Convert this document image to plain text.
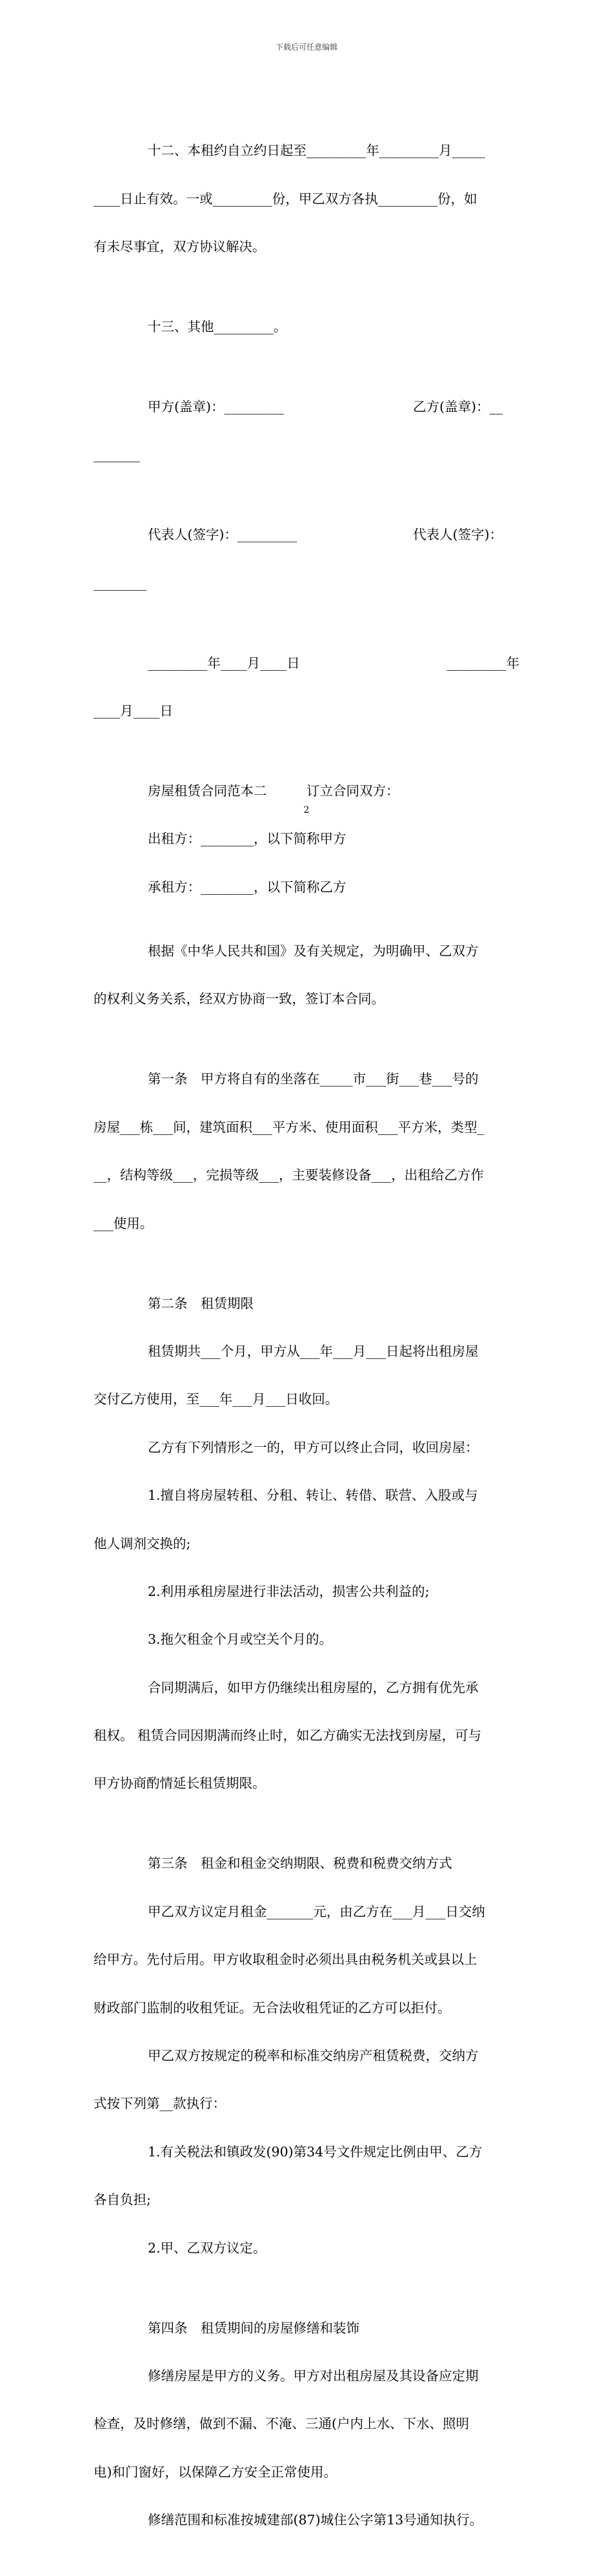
下载后可任意编辑

十二、本租约自立约日起至_________年_________月_____

____日止有效。一或_________份，甲乙双方各执_________份，如

有未尽事宜，双方协议解决。

十三、其他_________。

甲方(盖章)：_________	乙方(盖章)：__

_______

代表人(签字)：_________	代表人(签字)：

________

_________年____月____日	_________年

____月____日

房屋租赁合同范本二	订立合同双方：

出租方：________，以下简称甲方

承租方：________，以下简称乙方

根据《中华人民共和国》及有关规定，为明确甲、乙双方

的权利义务关系，经双方协商一致，签订本合同。

第一条　甲方将自有的坐落在_____市___街___巷___号的

房屋___栋___间，建筑面积___平方米、使用面积___平方米，类型_

__，结构等级___，完损等级___，主要装修设备___，出租给乙方作

___使用。

第二条　租赁期限

租赁期共___个月，甲方从___年___月___日起将出租房屋

交付乙方使用，至___年___月___日收回。

乙方有下列情形之一的，甲方可以终止合同，收回房屋：

1.擅自将房屋转租、分租、转让、转借、联营、入股或与

他人调剂交换的;

2.利用承租房屋进行非法活动，损害公共利益的;

3.拖欠租金个月或空关个月的。

合同期满后，如甲方仍继续出租房屋的，乙方拥有优先承

租权。 租赁合同因期满而终止时，如乙方确实无法找到房屋，可与

甲方协商酌情延长租赁期限。

第三条　租金和租金交纳期限、税费和税费交纳方式

甲乙双方议定月租金_______元，由乙方在___月___日交纳

给甲方。先付后用。甲方收取租金时必须出具由税务机关或县以上

财政部门监制的收租凭证。无合法收租凭证的乙方可以拒付。

甲乙双方按规定的税率和标准交纳房产租赁税费，交纳方

式按下列第__款执行：

1.有关税法和镇政发(90)第34号文件规定比例由甲、乙方

各自负担;

2.甲、乙双方议定。

第四条　租赁期间的房屋修缮和装饰

修缮房屋是甲方的义务。甲方对出租房屋及其设备应定期

检查，及时修缮，做到不漏、不淹、三通(户内上水、下水、照明

电)和门窗好，以保障乙方安全正常使用。

修缮范围和标准按城建部(87)城住公字第13号通知执行。

2
